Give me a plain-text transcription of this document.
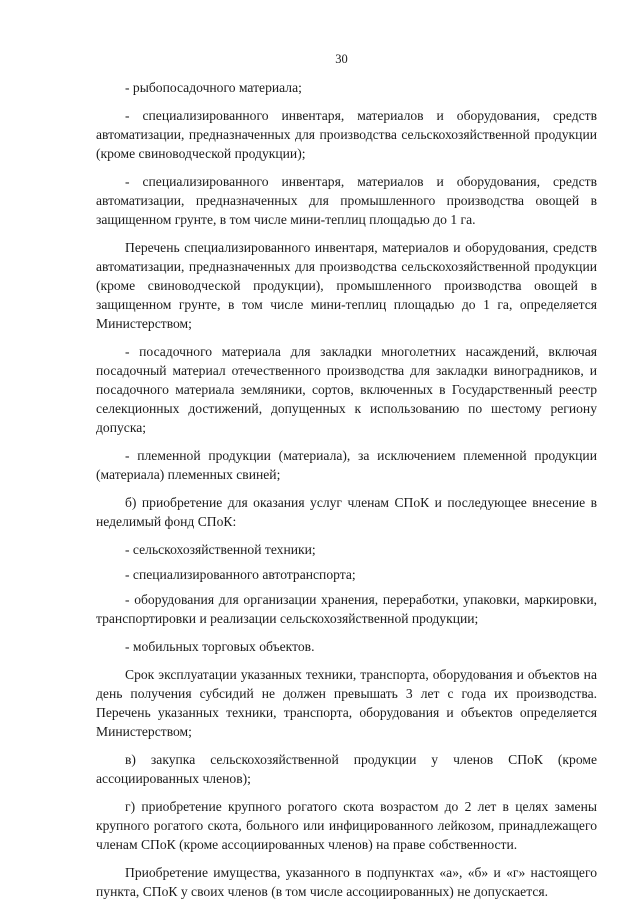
30

- рыбопосадочного материала;

- специализированного инвентаря, материалов и оборудования, средств автоматизации, предназначенных для производства сельскохозяйственной продукции (кроме свиноводческой продукции);

- специализированного инвентаря, материалов и оборудования, средств автоматизации, предназначенных для промышленного производства овощей в защищенном грунте, в том числе мини-теплиц площадью до 1 га.

Перечень специализированного инвентаря, материалов и оборудования, средств автоматизации, предназначенных для производства сельскохозяйственной продукции (кроме свиноводческой продукции), промышленного производства овощей в защищенном грунте, в том числе мини-теплиц площадью до 1 га, определяется Министерством;

- посадочного материала для закладки многолетних насаждений, включая посадочный материал отечественного производства для закладки виноградников, и посадочного материала земляники, сортов, включенных в Государственный реестр селекционных достижений, допущенных к использованию по шестому региону допуска;

- племенной продукции (материала), за исключением племенной продукции (материала) племенных свиней;

б) приобретение для оказания услуг членам СПоК и последующее внесение в неделимый фонд СПоК:

- сельскохозяйственной техники;

- специализированного автотранспорта;

- оборудования для организации хранения, переработки, упаковки, маркировки, транспортировки и реализации сельскохозяйственной продукции;

- мобильных торговых объектов.

Срок эксплуатации указанных техники, транспорта, оборудования и объектов на день получения субсидий не должен превышать 3 лет с года их производства. Перечень указанных техники, транспорта, оборудования и объектов определяется Министерством;

в) закупка сельскохозяйственной продукции у членов СПоК (кроме ассоциированных членов);

г) приобретение крупного рогатого скота возрастом до 2 лет в целях замены крупного рогатого скота, больного или инфицированного лейкозом, принадлежащего членам СПоК (кроме ассоциированных членов) на праве собственности.

Приобретение имущества, указанного в подпунктах «а», «б» и «г» настоящего пункта, СПоК у своих членов (в том числе ассоциированных) не допускается.
